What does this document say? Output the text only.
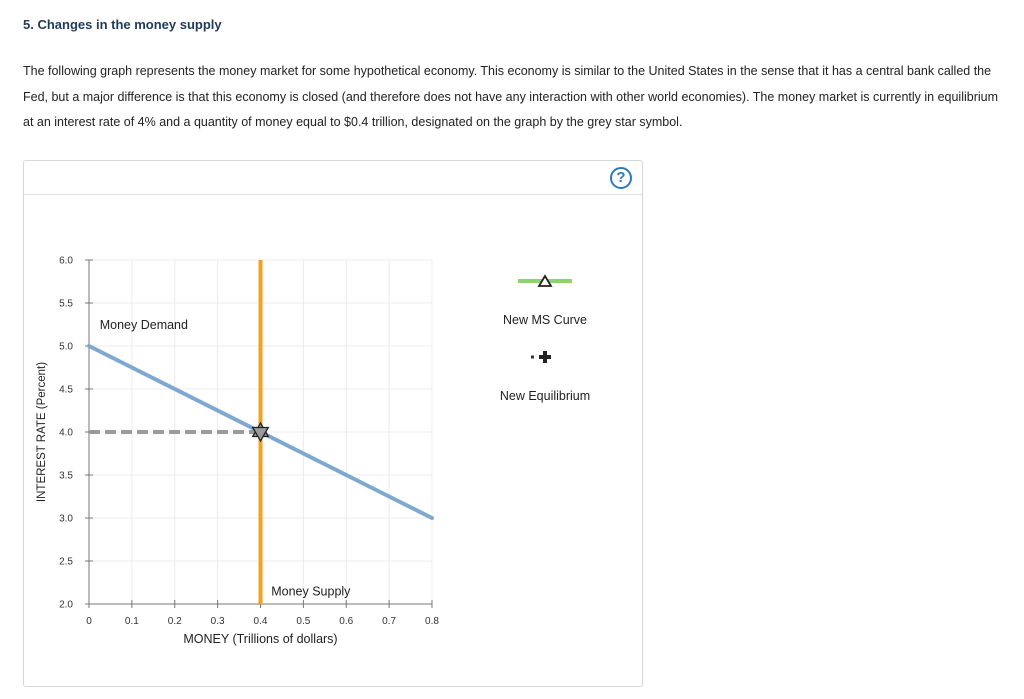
5. Changes in the money supply

The following graph represents the money market for some hypothetical economy. This economy is similar to the United States in the sense that it has a central bank called the Fed, but a major difference is that this economy is closed (and therefore does not have any interaction with other world economies). The money market is currently in equilibrium at an interest rate of 4% and a quantity of money equal to $0.4 trillion, designated on the graph by the grey star symbol.

?
0	0.1	0.2	0.3	0.4	0.5	0.6	0.7	0.8
2.0
2.5
3.0
3.5
4.0
4.5
5.0
5.5
6.0
MONEY (Trillions of dollars)
INTEREST RATE (Percent)
Money Demand
Money Supply
New MS Curve
New Equilibrium
